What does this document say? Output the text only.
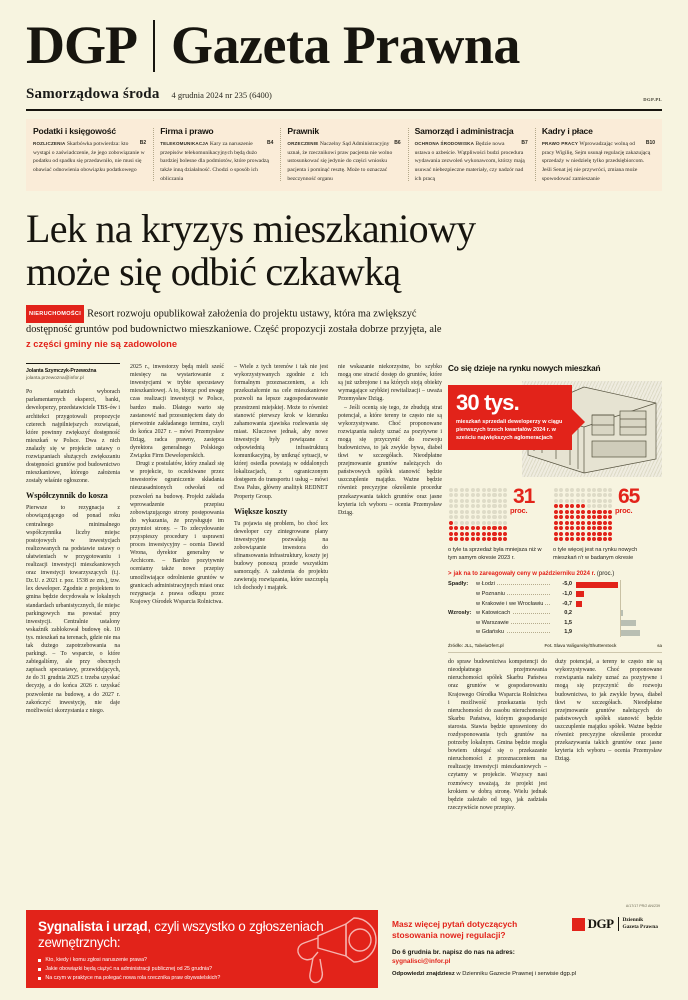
DGP Gazeta Prawna
Samorządowa środa 4 grudnia 2024 nr 235 (6400)	DGP.PL
Podatki i księgowość
B2
ROZLICZENIA Skarbówka potwierdza: kto wystąpi o zaświadczenie, że jego zobowiązanie w podatku od spadku się przedawniło, nie musi się obawiać odnowienia obowiązku podatkowego
Firma i prawo
B4
TELEKOMUNIKACJA Kary za naruszenie przepisów telekomunikacyjnych będą dużo bardziej bolesne dla podmiotów, które prowadzą także inną działalność. Chodzi o sposób ich obliczania
Prawnik
B6
ORZECZENIE Naczelny Sąd Administracyjny uznał, że rzecznikowi praw pacjenta nie wolno ustosunkować się jedynie do części wniosku pacjenta i pominąć resztę. Może to oznaczać bezczynność organu
Samorząd i administracja
B7
OCHRONA ŚRODOWISKA Będzie nowa ustawa o azbeście. Wątpliwości budzi procedura wydawania zezwoleń wykonawcom, którzy mają usuwać niebezpieczne materiały, czy nadzór nad ich pracą
Kadry i płace
B10
PRAWO PRACY Wprowadzając wolną od pracy Wigilię, Sejm usunął regulację zakazującą sprzedaży w niedzielę tylko przedsiębiorcom. Jeśli Senat jej nie przywróci, zmiana może spowodować zamieszanie
Lek na kryzys mieszkaniowy
może się odbić czkawką
NIERUCHOMOŚCI Resort rozwoju opublikował założenia do projektu ustawy, która ma zwiększyć dostępność gruntów pod budownictwo mieszkaniowe. Część propozycji została dobrze przyjęta, ale z części gminy nie są zadowolone
Jolanta Szymczyk-Przewoźna
jolanta.przewozna@infor.pl

Po ostatnich wyborach parlamentarnych eksperci, banki, deweloperzy, przedstawiciele TBS-ów i architekci przygotowali propozycje czterech najpilniejszych rozwiązań, które powinny zwiększyć dostępność mieszkań w Polsce. Dwa z nich znalazły się w projekcie ustawy o rozwiązaniach służących zwiększaniu dostępności gruntów pod budownictwo mieszkaniowe, którego założenia zostały właśnie ogłoszone.

Współczynnik do kosza

Pierwsze to rezygnacja z obowiązującego od ponad roku centralnego minimalnego współczynnika liczby miejsc postojowych w inwestycjach realizowanych na podstawie ustawy o ułatwieniach w przygotowaniu i realizacji inwestycji mieszkaniowych oraz inwestycji towarzyszących (t.j. Dz.U. z 2021 r. poz. 1538 ze zm.), tzw. lex deweloper. Zgodnie z projektem to gmina będzie decydowała w lokalnych standardach urbanistycznych, ile miejsc parkingowych ma powstać przy inwestycji. Centralnie ustalony wskaźnik zablokował budowę ok. 10 tys. mieszkań na terenach, gdzie nie ma tak dużego zapotrzebowania na parkingi. – To wsparcie, o które zabiegaliśmy, ale przy obecnych zapisach specustawy, przewidujących, że do 31 grudnia 2025 r. trzeba uzyskać decyzję, a do końca 2026 r. uzyskać pozwolenie na budowę, a do 2027 r. zakończyć inwestycję, nie daje możliwości skorzystania z niego.

2025 r., inwestorzy będą mieli sześć miesięcy na wystartowanie z inwestycjami w trybie specustawy mieszkaniowej. A to, biorąc pod uwagę czas realizacji inwestycji w Polsce, bardzo mało. Dlatego warto się zastanowić nad przesunięciem daty do pierwotnie zakładanego terminu, czyli do końca 2027 r. – mówi Przemysław Dziąg, radca prawny, zastępca dyrektora generalnego Polskiego Związku Firm Deweloperskich.

Drugi z postulatów, który znalazł się w projekcie, to oczekiwane przez inwestorów ograniczenie składania nieuzasadnionych odwołań od pozwoleń na budowę. Projekt zakłada wprowadzenie przepisu zobowiązującego strony postępowania do wykazania, że przysługuje im przymiot strony. – To zdecydowanie przyspieszy procedury i usprawni proces inwestycyjny – ocenia Dawid Wrona, dyrektor generalny w Archicom. – Bardzo pozytywnie oceniamy także nowe przepisy umożliwiające odrolnienie gruntów w granicach administracyjnych miast oraz rezygnacja z prawa odkupu przez Krajowy Ośrodek Wsparcia Rolnictwa.

– Wiele z tych terenów i tak nie jest wykorzystywanych zgodnie z ich formalnym przeznaczeniem, a ich przekształcenie na cele mieszkaniowe pozwoli na lepsze zagospodarowanie przestrzeni miejskiej. Może to również stanowić pierwszy krok w kierunku zahamowania zjawiska rozlewania się miast. Kluczowe jednak, aby nowe inwestycje były powiązane z odpowiednią infrastrukturą komunikacyjną, by uniknąć sytuacji, w której osiedla powstają w oddalonych lokalizacjach, z ograniczonym dostępem do transportu i usług – mówi Ewa Palus, główny analityk REDNET Property Group.

Większe koszty

Tu pojawia się problem, bo choć lex deweloper czy zintegrowane plany inwestycyjne pozwalają na zobowiązanie inwestora do sfinansowania infrastruktury, koszty jej budowy ponoszą przede wszystkim samorządy. A założenia do projektu zawierają rozwiązania, które uszczuplą ich dochody i majątek.

nie wskazanie niekorzystne, bo szybko mogą one stracić dostęp do gruntów, które są już uzbrojone i na których stoją obiekty wymagające szybkiej rewitalizacji – uważa Przemysław Dziąg.

– Jeśli ocenią się tego, że zbudują strat potencjał, a które tereny te często nie są wykorzystywane. Choć proponowane rozwiązania należy uznać za pozytywne i mogą się przyczynić do rozwoju budownictwa, to jak zwykle bywa, diabeł tkwi w szczegółach. Nieodpłatne przejmowanie gruntów należących do państwowych spółek stanowić będzie uszczuplenie majątku. Ważne będzie również precyzyjne określenie procedur przekazywania takich gruntów oraz jasne kryteria ich wyboru – ocenia Przemysław Dziąg.

Co się dzieje na rynku nowych mieszkań
30 tys.
mieszkań sprzedali deweloperzy w ciągu pierwszych trzech kwartałów 2024 r. w sześciu największych aglomeracjach
31
proc.
o tyle ta sprzedaż była mniejsza niż w tym samym okresie 2023 r.
65
proc.
o tyle więcej jest na rynku nowych mieszkań r/r w badanym okresie
> jak na to zareagowały ceny w październiku 2024 r. (proc.)
Spadły:	w Łodzi	-5,0
w Poznaniu	-1,0
w Krakowie i we Wrocławiu	-0,7
Wzrosły: w Katowicach	0,2
w Warszawie	1,5
w Gdańsku	1,9
Źródło: JLL, TabelaOfert.pl	Fot. Slava Valigursky/Shutterstock	sa

do spraw budownictwa kompetencji do nieodpłatnego przejmowania nieruchomości spółek Skarbu Państwa oraz gruntów w gospodarowaniu Krajowego Ośrodka Wsparcia Rolnictwa i możliwość przekazania tych nieruchomości do zasobu nieruchomości Skarbu Państwa, którym gospodaruje starosta. Stawia będzie uprawniony do rozdysponowania tych gruntów na potrzeby lokalnym. Gmina będzie mogła bowiem ubiegać się o przekazanie nieruchomości z przeznaczeniem na realizację inwestycji mieszkaniowych – czytamy w projekcie. Wszyscy nasi rozmówcy uważają, że projekt jest krokiem w dobrą stronę. Wielu jednak będzie zależało od tego, jak zadziała rzeczywiście nowe przepisy.

duży potencjał, a tereny te często nie są wykorzystywane. Choć proponowane rozwiązania należy uznać za pozytywne i mogą się przyczynić do rozwoju budownictwa, to jak zwykle bywa, diabeł tkwi w szczegółach. Nieodpłatne przejmowanie gruntów należących do państwowych spółek stanowić będzie uszczuplenie majątku spółek. Ważne będzie również precyzyjne określenie procedur przekazywania takich gruntów oraz jasne kryteria ich wyboru – ocenia Przemysław Dziąg.

Sygnalista i urząd, czyli wszystko o zgłoszeniach zewnętrznych:
Kto, kiedy i komu zgłosi naruszenie prawa?
Jakie obowiązki będą ciążyć na administracji publicznej od 25 grudnia?
Na czym w praktyce ma polegać nowa rola rzecznika praw obywatelskich?
A/17/17 PR/2 AN/239
DGP Dziennik
Gazeta Prawna
Masz więcej pytań dotyczących stosowania nowej regulacji?
Do 6 grudnia br. napisz do nas na adres:
sygnalisci@infor.pl
Odpowiedzi znajdziesz w Dzienniku Gazecie Prawnej i serwisie dgp.pl
